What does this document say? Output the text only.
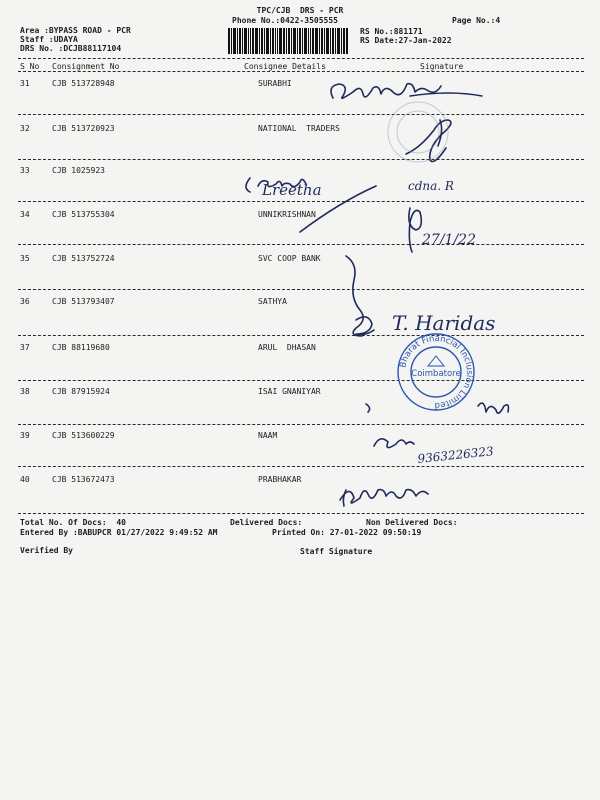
TPC/CJB  DRS - PCR
Phone No.:0422-3505555	Page No.:4
Area :BYPASS ROAD - PCR
Staff :UDAYA
DRS No. :DCJB88117104
RS No.:881171
RS Date:27-Jan-2022
S No Consignment No	Consignee Details	Signature
31	CJB 513728948	SURABHI
32	CJB 513720923	NATIONAL  TRADERS
33	CJB 1025923
34	CJB 513755304	UNNIKRISHNAN
35	CJB 513752724	SVC COOP BANK
36	CJB 513793407	SATHYA
37	CJB 88119680	ARUL  DHASAN
38	CJB 87915924	ISAI GNANIYAR
39	CJB 513600229	NAAM
40	CJB 513672473	PRABHAKAR
Total No. Of Docs:  40	Delivered Docs:	Non Delivered Docs:
Entered By :BABUPCR 01/27/2022 9:49:52 AM	Printed On: 27-01-2022 09:50:19
Verified By	Staff Signature
Lreetha	cdna. R
27/1/22
T. Haridas
9363226323
Bharat Financial Inclusion Limited
Coimbatore
